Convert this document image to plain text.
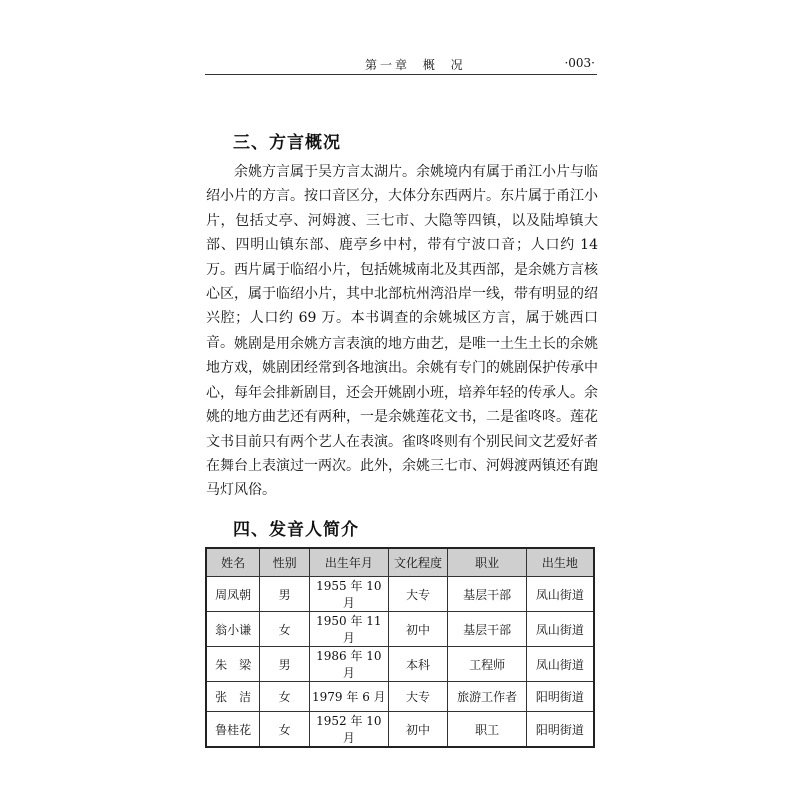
第一章 概 况	·003·
三、方言概况

余姚方言属于吴方言太湖片。余姚境内有属于甬江小片与临绍小片的方言。按口音区分，大体分东西两片。东片属于甬江小片，包括丈亭、河姆渡、三七市、大隐等四镇，以及陆埠镇大部、四明山镇东部、鹿亭乡中村，带有宁波口音；人口约 14 万。西片属于临绍小片，包括姚城南北及其西部，是余姚方言核心区，属于临绍小片，其中北部杭州湾沿岸一线，带有明显的绍兴腔；人口约 69 万。本书调查的余姚城区方言，属于姚西口音。 姚剧是用余姚方言表演的地方曲艺，是唯一土生土长的余姚地方戏，姚剧团经常到各地演出。余姚有专门的姚剧保护传承中心，每年会排新剧目，还会开姚剧小班，培养年轻的传承人。余姚的地方曲艺还有两种，一是余姚莲花文书，二是雀咚咚。莲花文书目前只有两个艺人在表演。雀咚咚则有个别民间文艺爱好者在舞台上表演过一两次。此外，余姚三七市、河姆渡两镇还有跑马灯风俗。

四、发音人简介
姓名	性别	出生年月	文化程度	职业	出生地
周凤朝	男	1955 年 10 月	大专	基层干部	凤山街道
翁小谦	女	1950 年 11 月	初中	基层干部	凤山街道
朱　梁	男	1986 年 10 月	本科	工程师	凤山街道
张　洁	女	1979 年 6 月	大专	旅游工作者	阳明街道
鲁桂花	女	1952 年 10 月	初中	职工	阳明街道
